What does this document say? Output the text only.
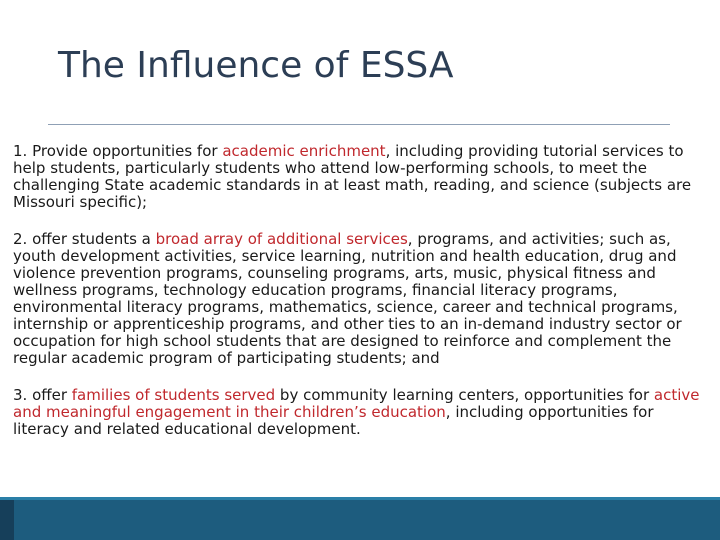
The Influence of ESSA

1. Provide opportunities for academic enrichment, including providing tutorial services to help students, particularly students who attend low-performing schools, to meet the challenging State academic standards in at least math, reading, and science (subjects are Missouri specific);

2. offer students a broad array of additional services, programs, and activities; such as, youth development activities, service learning, nutrition and health education, drug and violence prevention programs, counseling programs, arts, music, physical fitness and wellness programs, technology education programs, financial literacy programs, environmental literacy programs, mathematics, science, career and technical programs, internship or apprenticeship programs, and other ties to an in-demand industry sector or occupation for high school students that are designed to reinforce and complement the regular academic program of participating students; and

3. offer families of students served by community learning centers, opportunities for active and meaningful engagement in their children’s education, including opportunities for literacy and related educational development.
